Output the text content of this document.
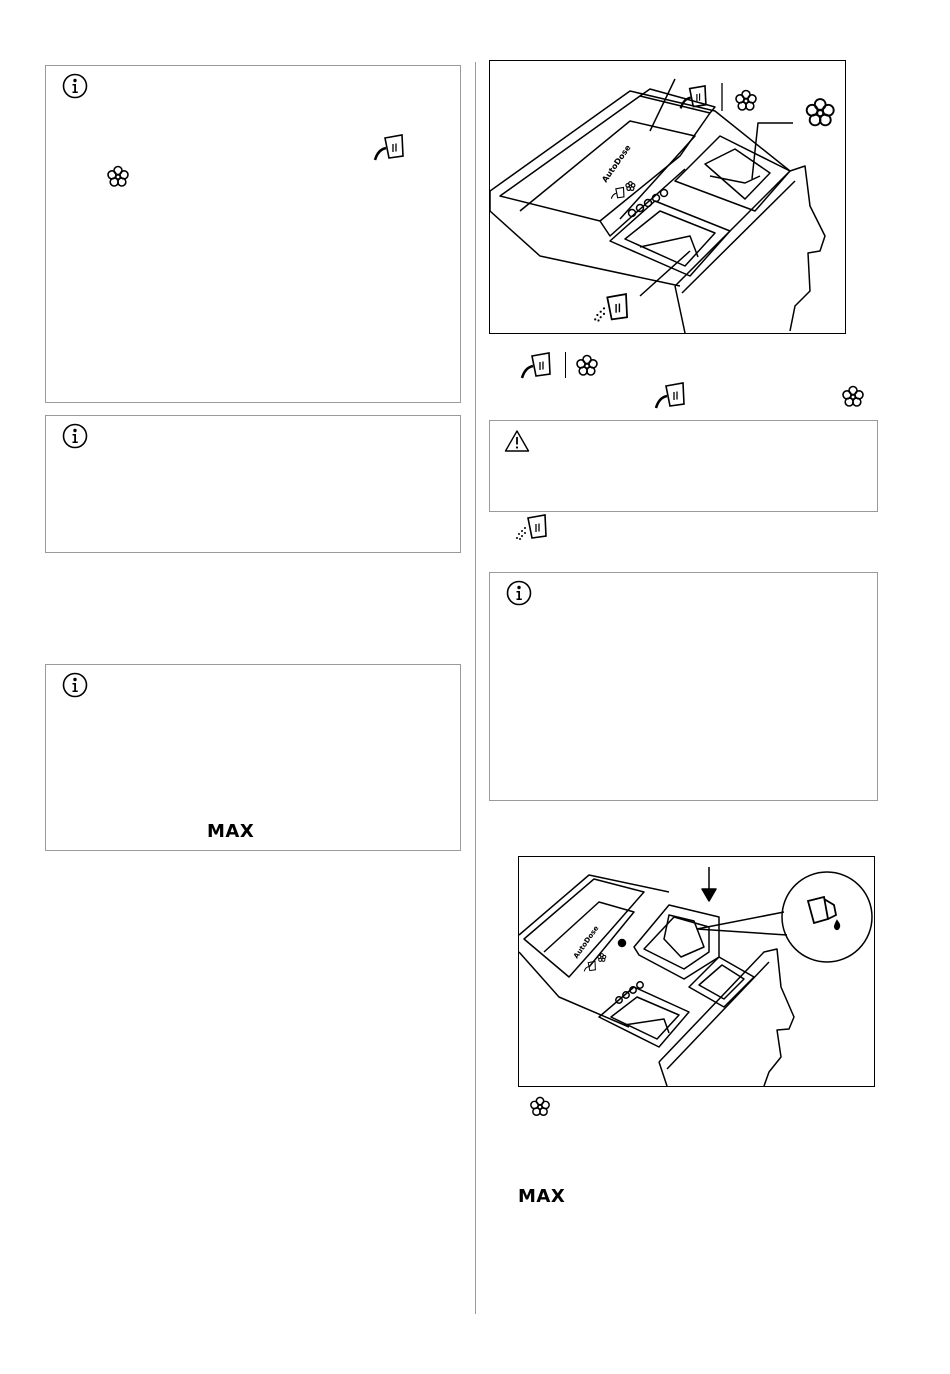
MAX
AutoDose
AutoDose
MAX
